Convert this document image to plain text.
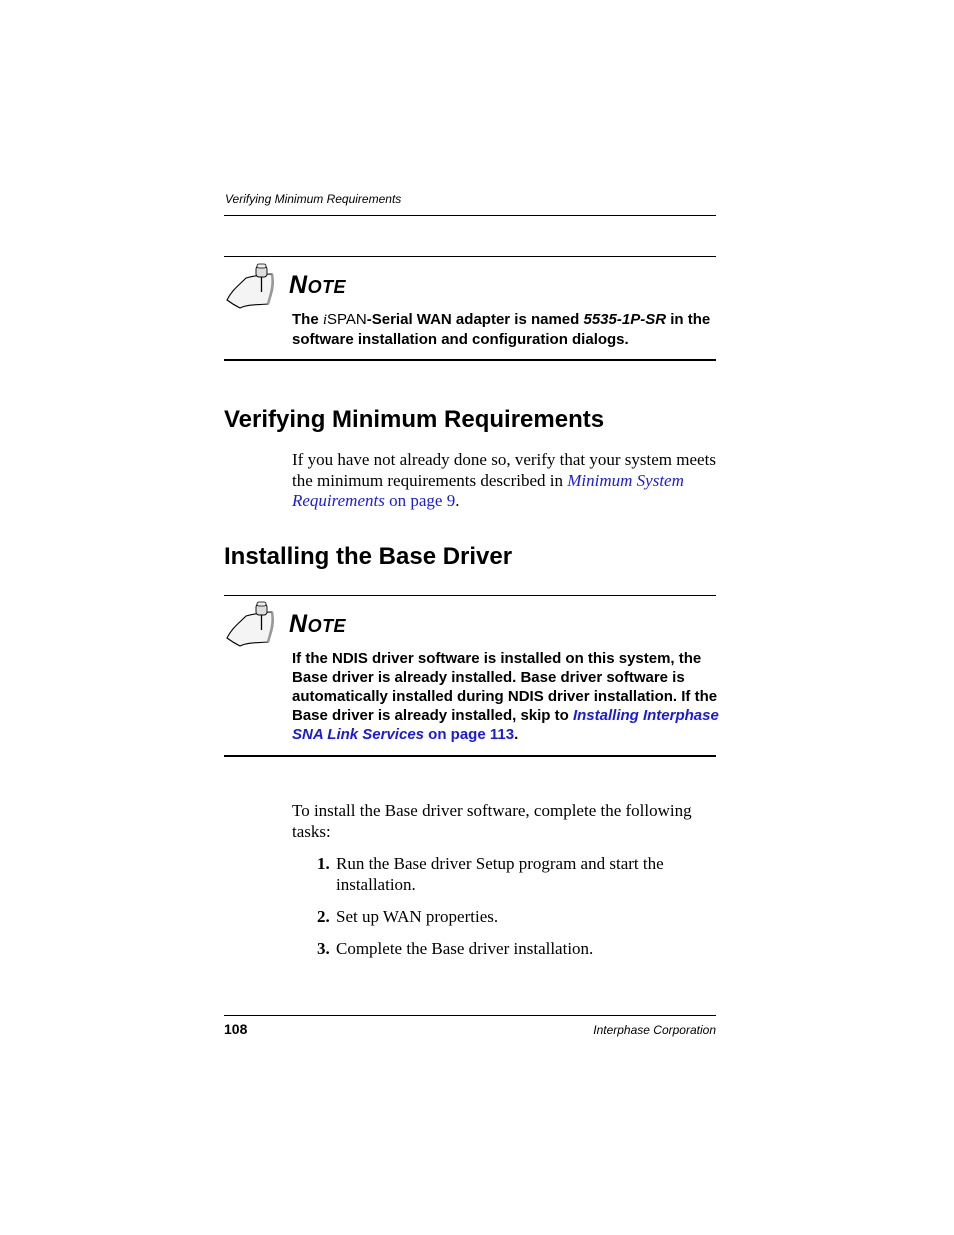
Verifying Minimum Requirements
NOTE
The iSPAN-Serial WAN adapter is named 5535-1P-SR in the software installation and configuration dialogs.
Verifying Minimum Requirements
If you have not already done so, verify that your system meets the minimum requirements described in Minimum System Requirements on page 9.
Installing the Base Driver
NOTE
If the NDIS driver software is installed on this system, the Base driver is already installed. Base driver software is automatically installed during NDIS driver installation. If the Base driver is already installed, skip to Installing Interphase SNA Link Services on page 113.
To install the Base driver software, complete the following tasks:
1. Run the Base driver Setup program and start the installation.
2. Set up WAN properties.
3. Complete the Base driver installation.
108	Interphase Corporation
